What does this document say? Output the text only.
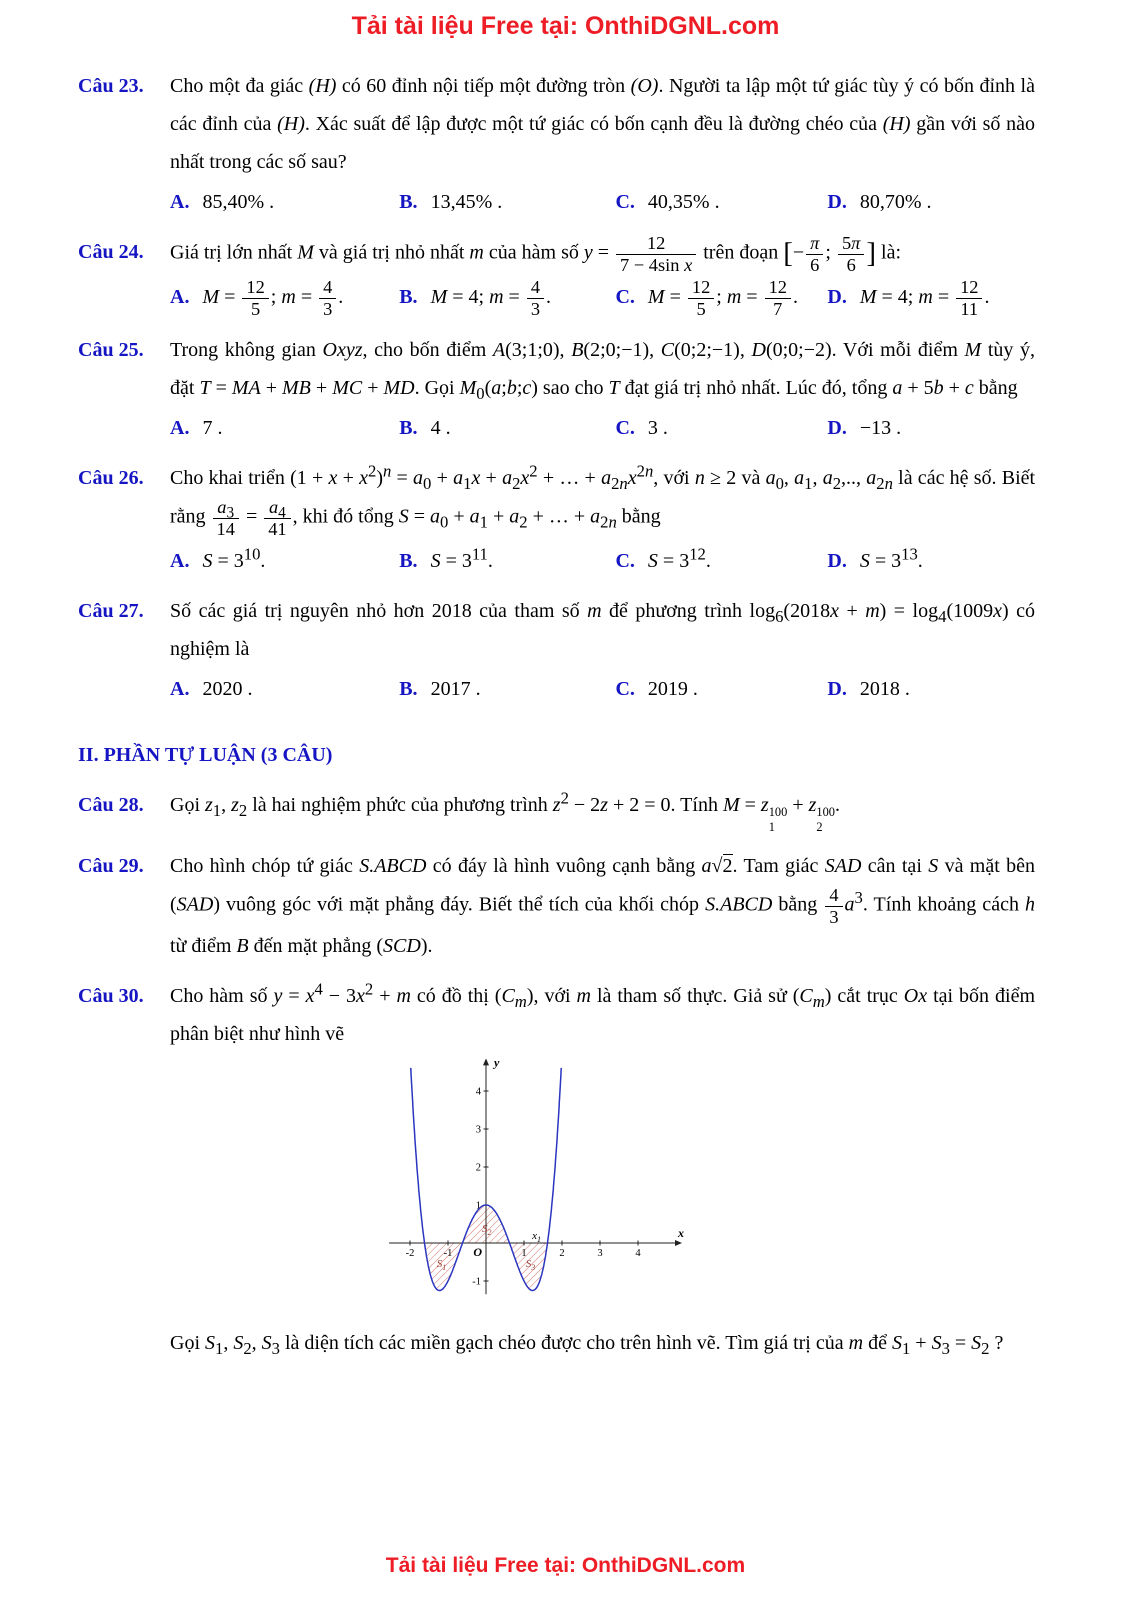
Tải tài liệu Free tại: OnthiDGNL.com
Câu 23.	Cho một đa giác (H) có 60 đỉnh nội tiếp một đường tròn (O). Người ta lập một tứ giác tùy ý có bốn đỉnh là các đỉnh của (H). Xác suất để lập được một tứ giác có bốn cạnh đều là đường chéo của (H) gần với số nào nhất trong các số sau?
A. 85,40% .	B. 13,45% .	C. 40,35% .	D. 80,70% .
Câu 24.	Giá trị lớn nhất M và giá trị nhỏ nhất m của hàm số $y = \frac{12}{\text{7 − 4sin x}}$ trên đoạn [− $\frac{\pi}{6}$ ; $\frac{5\pi}{6}$ ] là:
A. $M = \frac{12}{5}$ ; $m = \frac{4}{3}$ .	B. M = 4; $m = \frac{4}{3}$ .	C. $M = \frac{12}{5}$ ; $m = \frac{12}{7}$ .	D. M = 4; $m = \frac{12}{11}$ .
Câu 25.	Trong không gian Oxyz, cho bốn điểm A(3;1;0), B(2;0;−1), C(0;2;−1), D(0;0;−2). Với mỗi điểm M tùy ý, đặt T = MA + MB + MC + MD. Gọi $M_0(a;b;c)$ sao cho T đạt giá trị nhỏ nhất. Lúc đó, tổng a + 5b + c bằng
A. 7 .	B. 4 .	C. 3 .	D. −13 .
Câu 26.	Cho khai triển $(1 + x + x^2)^n = a_0 + a_1x + a_2x^2$ + … + $a_{2n}x^{2n}$, với n ≥ 2 và $a_0$, $a_1$, $a_2$,.., $a_{2n}$ là các hệ số. Biết rằng $\frac{a_3}{14} = \frac{a_4}{41}$ , khi đó tổng $S = a_0 + a_1 + a_2$ + … + $a_{2n}$ bằng
A. $S = 3^{10}$.	B. $S = 3^{11}$.	C. $S = 3^{12}$.	D. $S = 3^{13}$.
Câu 27.	Số các giá trị nguyên nhỏ hơn 2018 của tham số m để phương trình $\log_6(2018x + m) = \log_4(1009x)$ có nghiệm là
A. 2020 .	B. 2017 .	C. 2019 .	D. 2018 .
II. PHẦN TỰ LUẬN (3 CÂU)
Câu 28.	Gọi $z_1$, $z_2$ là hai nghiệm phức của phương trình $z^2 - 2z + 2 = 0$. Tính M = z 100
1
+ z 100
2
.
Câu 29.	Cho hình chóp tứ giác S.ABCD có đáy là hình vuông cạnh bằng a√2. Tam giác SAD cân tại S và mặt bên (SAD) vuông góc với mặt phẳng đáy. Biết thể tích của khối chóp S.ABCD bằng $\frac{4}{3} a^3$. Tính khoảng cách h từ điểm B đến mặt phẳng (SCD).
Câu 30.	Cho hàm số $y = x^4 - 3x^2 + m$ có đồ thị $(C_m)$, với m là tham số thực. Giả sử $(C_m)$ cắt trục Ox tại bốn điểm phân biệt như hình vẽ
-2	-1	1	2	3	4
-1
1
2
3
4
x
y
O
$S_1$
$S_2$
$S_3$
$x_1$
Gọi $S_1$, $S_2$, $S_3$ là diện tích các miền gạch chéo được cho trên hình vẽ. Tìm giá trị của m để $S_1 + S_3 = S_2$ ?
Tải tài liệu Free tại: OnthiDGNL.com
